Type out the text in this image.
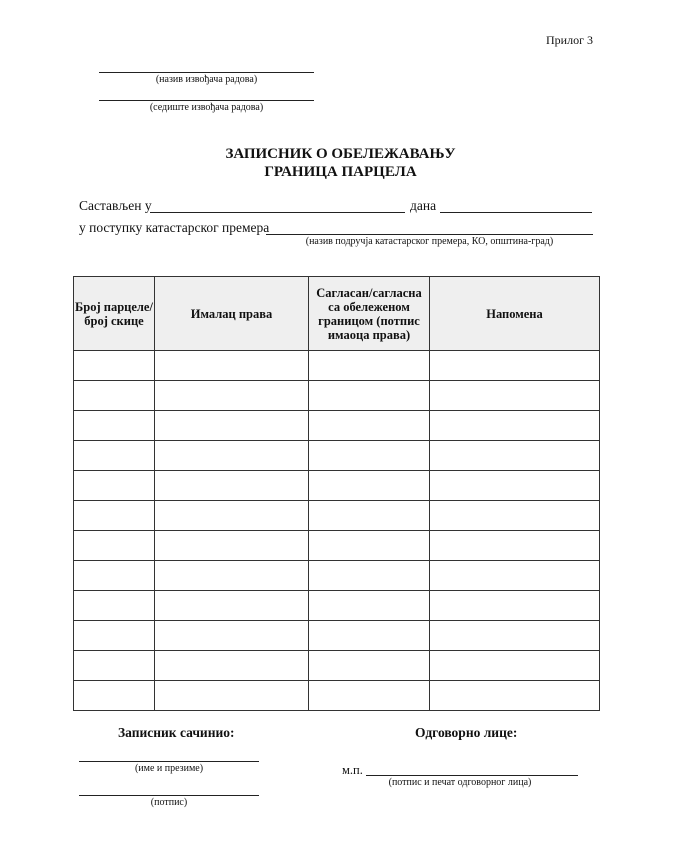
Прилог 3
(назив извођача радова)
(седиште извођача радова)
ЗАПИСНИК О ОБЕЛЕЖАВАЊУ
ГРАНИЦА ПАРЦЕЛА
Састављен у	дана
у поступку катастарског премера
(назив подручја катастарског премера, КО, општина-град)
Број парцеле/ број скице	Ималац права	Сагласан/сагласна са обележеном границом (потпис имаоца права)	Напомена

Записник сачинио:
(име и презиме)
(потпис)
Одговорно лице:
м.п.
(потпис и печат одговорног лица)
